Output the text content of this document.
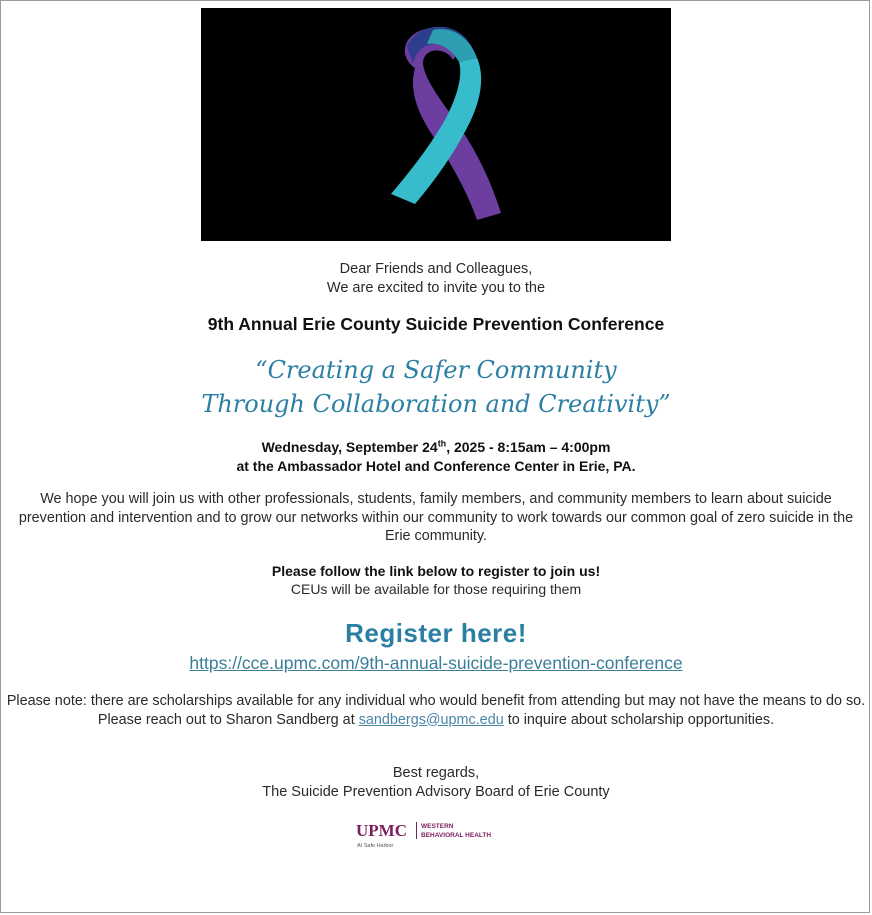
Dear Friends and Colleagues,
We are excited to invite you to the
9th Annual Erie County Suicide Prevention Conference
“Creating a Safer Community
Through Collaboration and Creativity”
Wednesday, September 24th, 2025 - 8:15am – 4:00pm
at the Ambassador Hotel and Conference Center in Erie, PA.
We hope you will join us with other professionals, students, family members, and community members to learn about suicide prevention and intervention and to grow our networks within our community to work towards our common goal of zero suicide in the Erie community.
Please follow the link below to register to join us!
CEUs will be available for those requiring them
Register here!
https://cce.upmc.com/9th-annual-suicide-prevention-conference
Please note: there are scholarships available for any individual who would benefit from attending but may not have the means to do so. Please reach out to Sharon Sandberg at sandbergs@upmc.edu to inquire about scholarship opportunities.
Best regards,
The Suicide Prevention Advisory Board of Erie County
UPMC WESTERN
BEHAVIORAL HEALTH
At Safe Harbor
